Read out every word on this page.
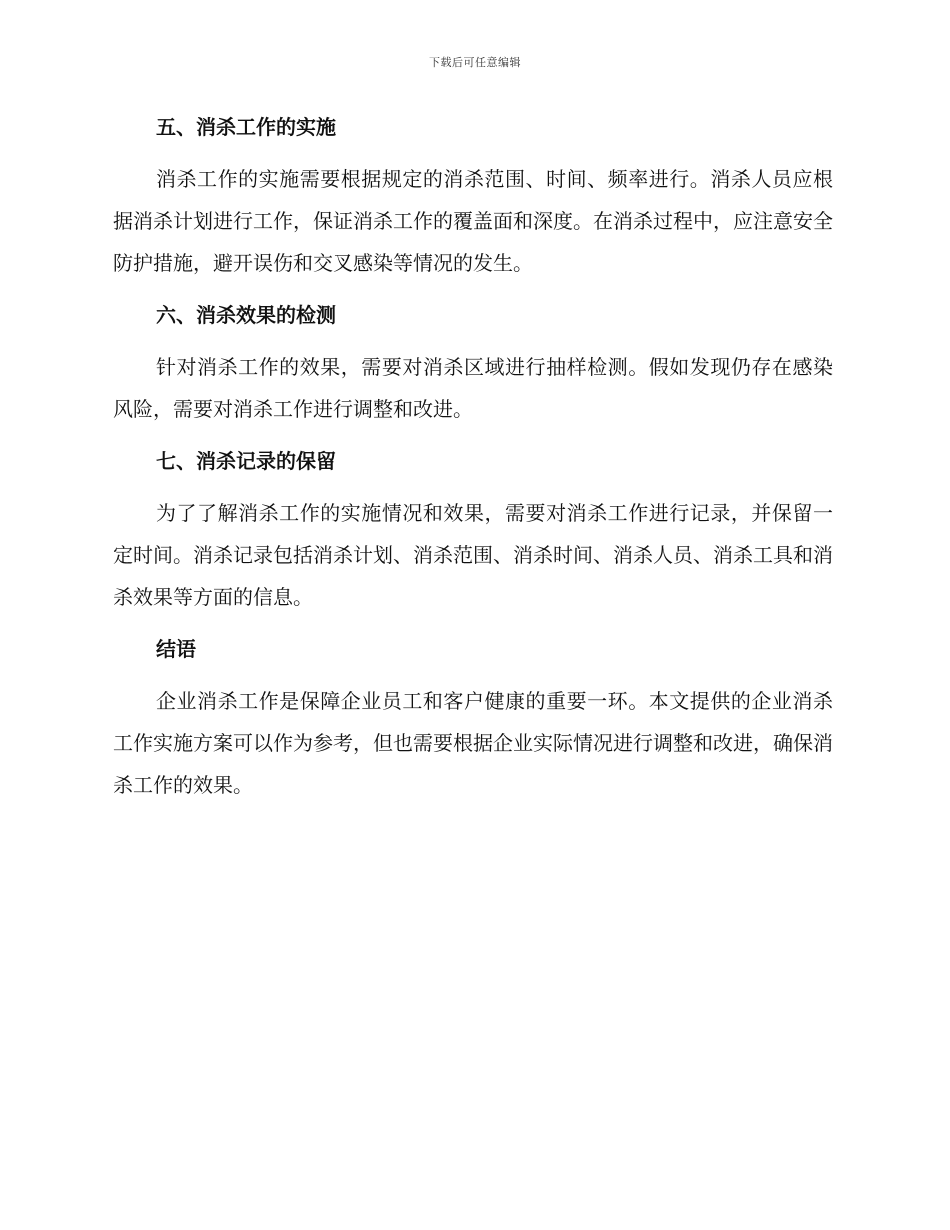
下载后可任意编辑
五、消杀工作的实施

消杀工作的实施需要根据规定的消杀范围、时间、频率进行。消杀人员应根据消杀计划进行工作，保证消杀工作的覆盖面和深度。在消杀过程中，应注意安全防护措施，避开误伤和交叉感染等情况的发生。

六、消杀效果的检测

针对消杀工作的效果，需要对消杀区域进行抽样检测。假如发现仍存在感染风险，需要对消杀工作进行调整和改进。

七、消杀记录的保留

为了了解消杀工作的实施情况和效果，需要对消杀工作进行记录，并保留一定时间。消杀记录包括消杀计划、消杀范围、消杀时间、消杀人员、消杀工具和消杀效果等方面的信息。

结语

企业消杀工作是保障企业员工和客户健康的重要一环。本文提供的企业消杀工作实施方案可以作为参考，但也需要根据企业实际情况进行调整和改进，确保消杀工作的效果。
